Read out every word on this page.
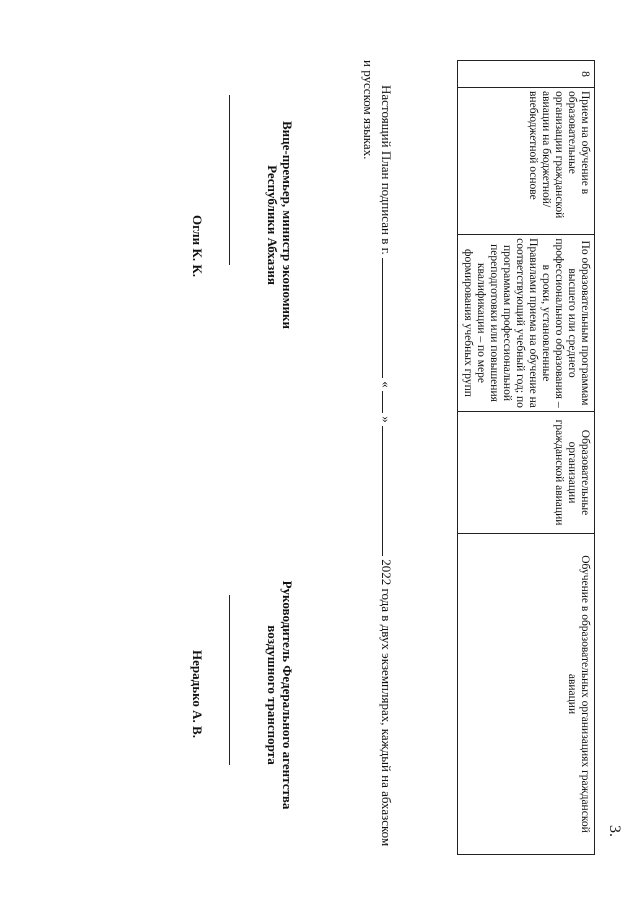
3.
8	Прием на обучение в образовательные организации гражданской авиации на бюджетной/внебюджетной основе	По образовательным программам высшего или среднего профессионального образования – в сроки, установленные Правилами приема на обучение на соответствующий учебный год; по программам профессиональной переподготовки или повышения квалификации – по мере формирования учебных групп	Образовательные организации гражданской авиации	Обучение в образовательных организациях гражданской авиации
Настоящий План подписан в г.  «  »  2022 года в двух экземплярах, каждый на абхазском и русском языках.
Вице-премьер, министр экономики Республики Абхазия
Огли К. К.
Руководитель Федерального агентства воздушного транспорта
Нерадько А. В.
